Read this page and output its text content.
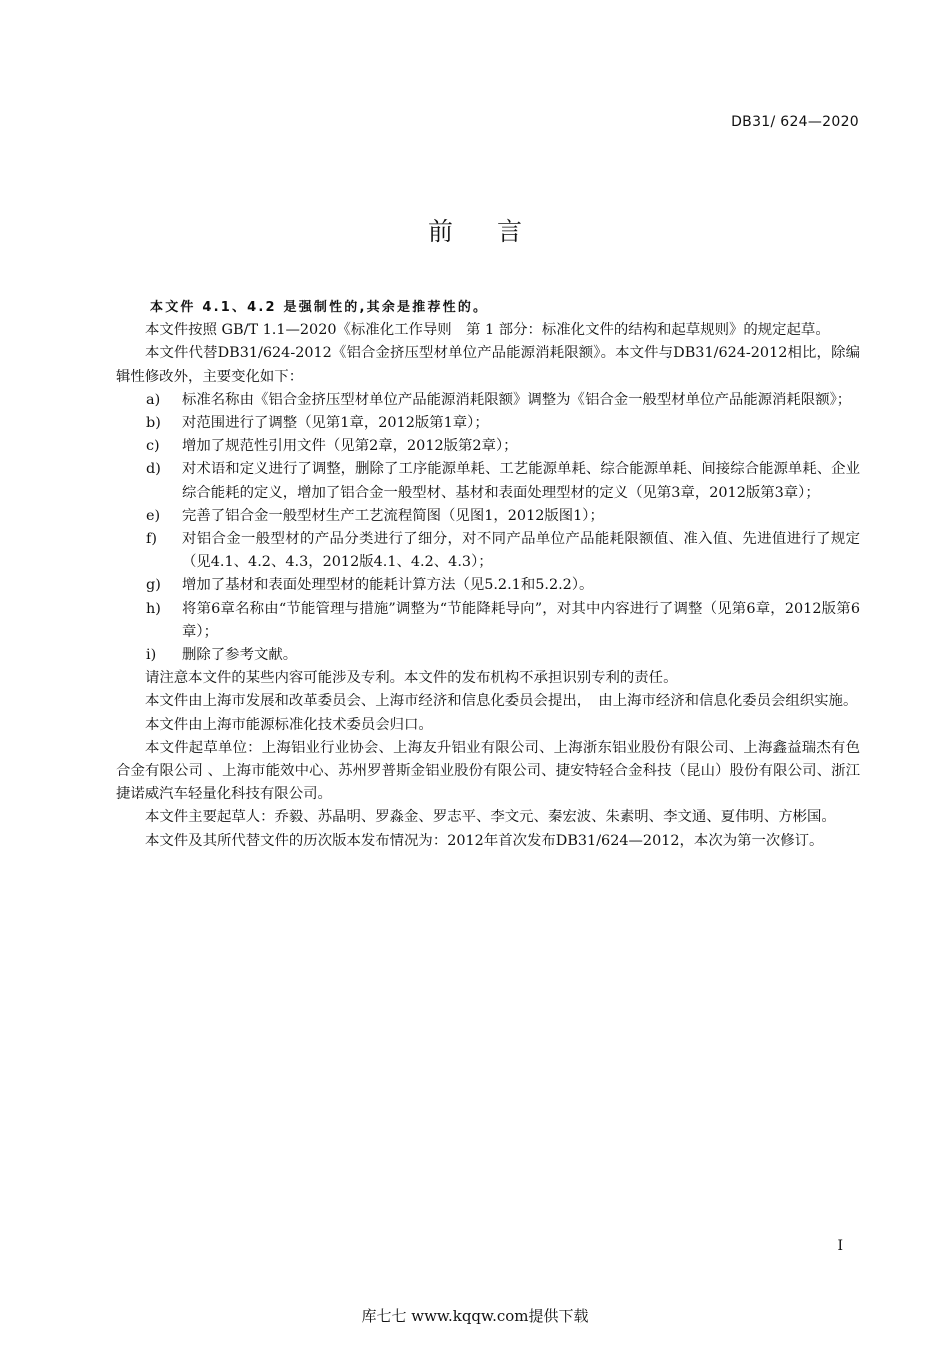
DB31/ 624—2020
前言

本文件 4.1、4.2 是强制性的,其余是推荐性的。

本文件按照 GB/T 1.1—2020《标准化工作导则　第 1 部分：标准化文件的结构和起草规则》的规定起草。

本文件代替DB31/624-2012《铝合金挤压型材单位产品能源消耗限额》。本文件与DB31/624-2012相比，除编辑性修改外，主要变化如下：

a) 标准名称由《铝合金挤压型材单位产品能源消耗限额》调整为《铝合金一般型材单位产品能源消耗限额》；
b) 对范围进行了调整（见第1章，2012版第1章）；
c) 增加了规范性引用文件（见第2章，2012版第2章）；
d) 对术语和定义进行了调整，删除了工序能源单耗、工艺能源单耗、综合能源单耗、间接综合能源单耗、企业综合能耗的定义，增加了铝合金一般型材、基材和表面处理型材的定义（见第3章，2012版第3章）；
e) 完善了铝合金一般型材生产工艺流程简图（见图1，2012版图1）；
f) 对铝合金一般型材的产品分类进行了细分，对不同产品单位产品能耗限额值、准入值、先进值进行了规定（见4.1、4.2、4.3，2012版4.1、4.2、4.3）；
g) 增加了基材和表面处理型材的能耗计算方法（见5.2.1和5.2.2）。
h) 将第6章名称由“节能管理与措施”调整为“节能降耗导向”，对其中内容进行了调整（见第6章，2012版第6章）；
i) 删除了参考文献。

请注意本文件的某些内容可能涉及专利。本文件的发布机构不承担识别专利的责任。

本文件由上海市发展和改革委员会、上海市经济和信息化委员会提出，　由上海市经济和信息化委员会组织实施。

本文件由上海市能源标准化技术委员会归口。

本文件起草单位：上海铝业行业协会、上海友升铝业有限公司、上海浙东铝业股份有限公司、上海鑫益瑞杰有色合金有限公司 、上海市能效中心、苏州罗普斯金铝业股份有限公司、捷安特轻合金科技（昆山）股份有限公司、浙江捷诺威汽车轻量化科技有限公司。

本文件主要起草人：乔毅、苏晶明、罗淼金、罗志平、李文元、秦宏波、朱素明、李文通、夏伟明、方彬国。

本文件及其所代替文件的历次版本发布情况为：2012年首次发布DB31/624—2012，本次为第一次修订。

I
库七七 www.kqqw.com提供下载
